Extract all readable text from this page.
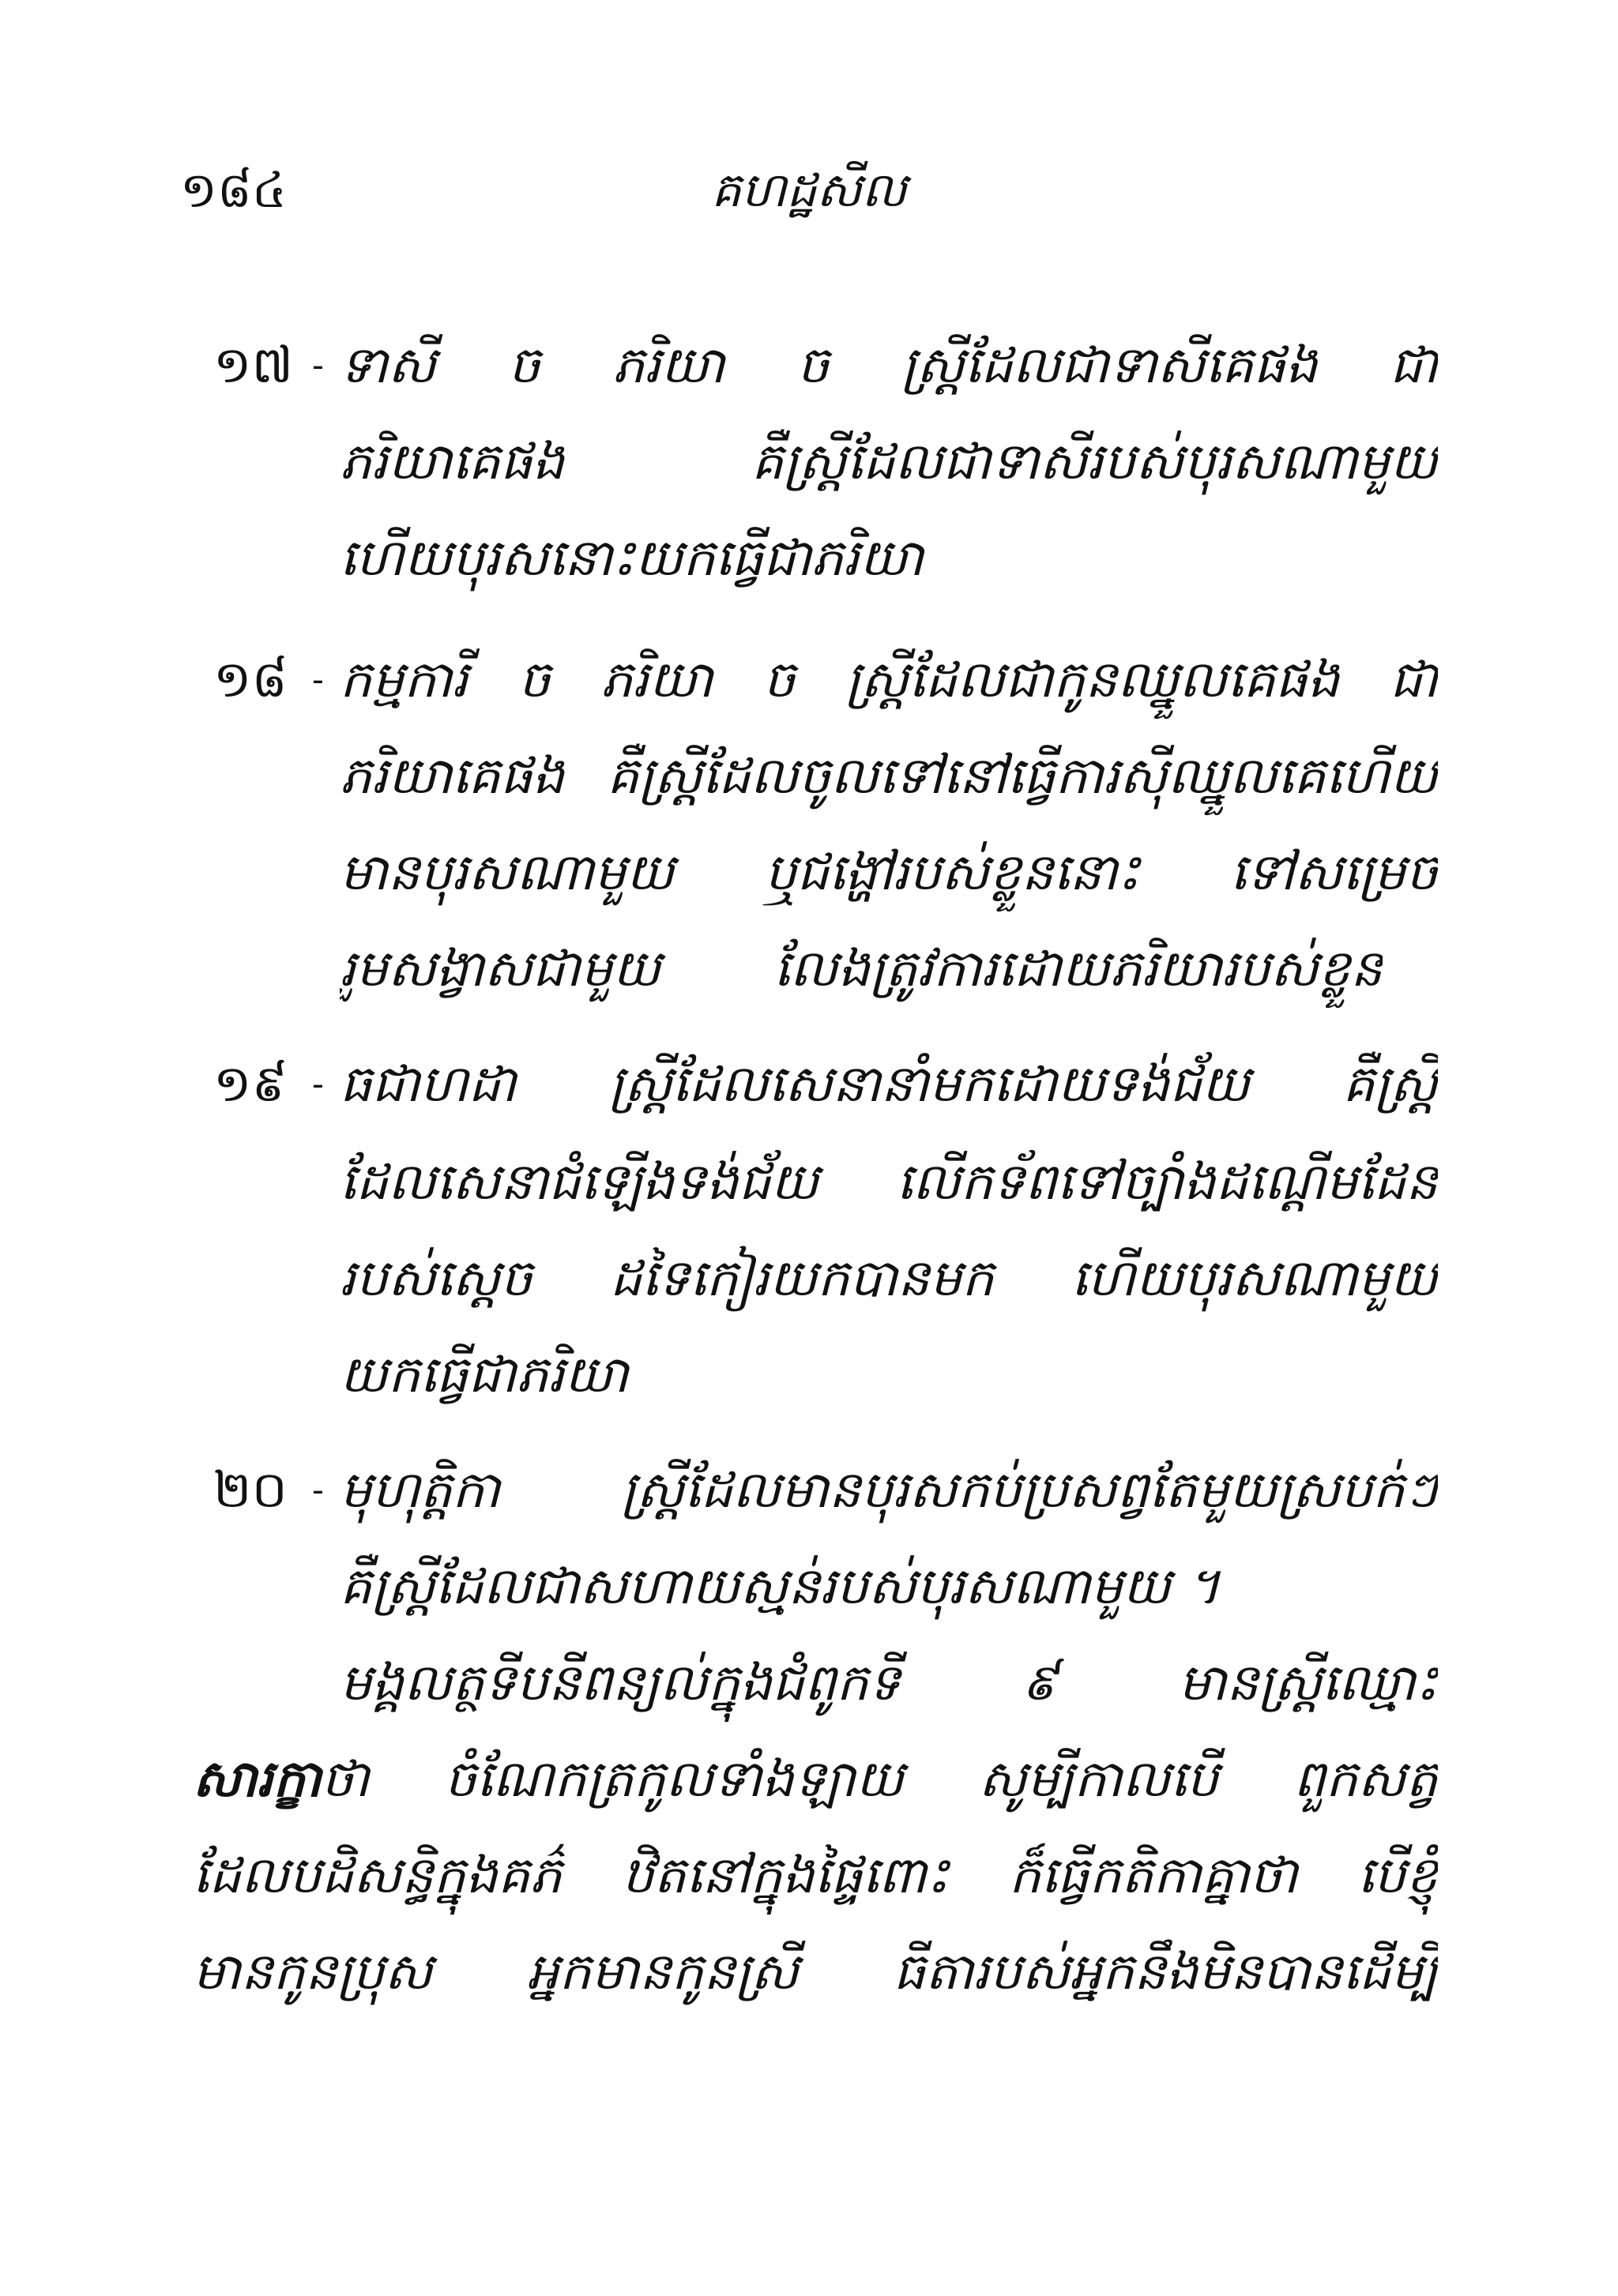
១៨៤	គហដ្ឋសីល
១៧ - ទាសី ច ភរិយា ច ស្ត្រីដែលជាទាសីគេផង ជា
ភរិយាគេផង គឺស្ត្រីដែលជាទាសីរបស់បុរសណាមួយ
ហើយបុរសនោះយកធ្វើជាភរិយា
១៨ - កម្មការី ច ភរិយា ច ស្ត្រីដែលជាកូនឈ្នួលគេផង ជា
ភរិយាគេផង គឺស្ត្រីដែលចូលទៅនៅធ្វើការស៊ីឈ្នួលគេហើយ
មានបុរសណាមួយ ឬជង្ហៅរបស់ខ្លួននោះ ទៅសម្រេច
រួមសង្វាសជាមួយ លែងត្រូវការដោយភរិយារបស់ខ្លួន
១៩ - ធជាហដា ស្ត្រីដែលសេនានាំមកដោយទង់ជ័យ គឺស្ត្រី
ដែលសេនាជំឡើងទង់ជ័យ លើកទ័ពទៅច្បាំងដណ្តើមដែន
របស់ស្តេច ដទៃកៀរយកបានមក ហើយបុរសណាមួយ
យកធ្វើជាភរិយា
២០ - មុហុត្តិកា ស្ត្រីដែលមានបុរសកប់ប្រសព្វតែមួយស្របក់ៗ
គឺស្ត្រីដែលជាសហាយស្មន់របស់បុរសណាមួយ ។
មង្គលត្ថទីបនីពន្យល់ក្នុងជំពូកទី ៩ មានស្ត្រីឈ្មោះ
សារក្ខាថា ចំណែកត្រកូលទាំងឡាយ សូម្បីកាលបើ ពួកសត្វ
ដែលបដិសន្ធិក្នុងគភ៌ ឋិតនៅក្នុងផ្ទៃពោះ ក៏ធ្វើកតិកាគ្នាថា បើខ្ញុំ
មានកូនប្រុស អ្នកមានកូនស្រី ធីតារបស់អ្នកនឹងមិនបានដើម្បី
